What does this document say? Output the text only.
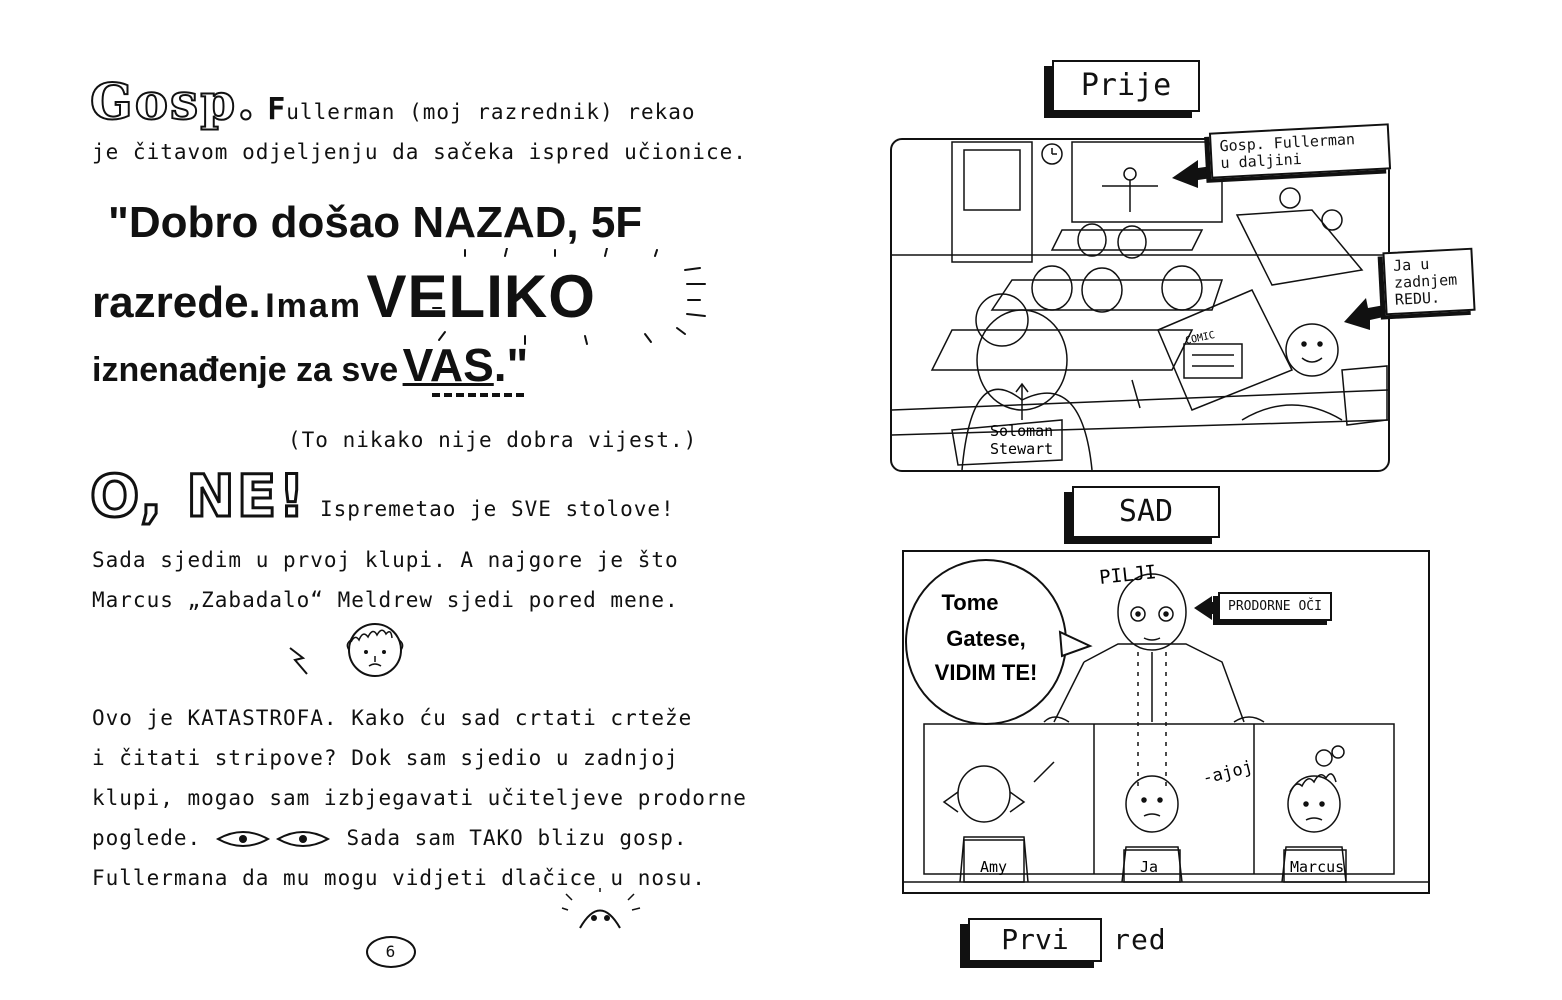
Gosp. Fullerman (moj razrednik) rekao
je čitavom odjeljenju da sačeka ispred učionice.
"Dobro došao NAZAD, 5F
razrede. Imam VELIKO
iznenađenje za sve VAS."
(To nikako nije dobra vijest.)
O, NE! Ispremetao je SVE stolove!
Sada sjedim u prvoj klupi. A najgore je što
Marcus „Zabadalo“ Meldrew sjedi pored mene.
Ovo je KATASTROFA. Kako ću sad crtati crteže
i čitati stripove? Dok sam sjedio u zadnjoj
klupi, mogao sam izbjegavati učiteljeve prodorne
poglede.	Sada sam TAKO blizu gosp.
Fullermana da mu mogu vidjeti dlačice u nosu.
6
Prije
COMIC
Soloman
Stewart
Gosp. Fullerman
u daljini
Ja u
zadnjem
REDU.
SAD
Tome
Gatese,
VIDIM TE!
PILJI
-ajoj
Amy	Ja	Marcus
PRODORNE OČI
Prvi red
